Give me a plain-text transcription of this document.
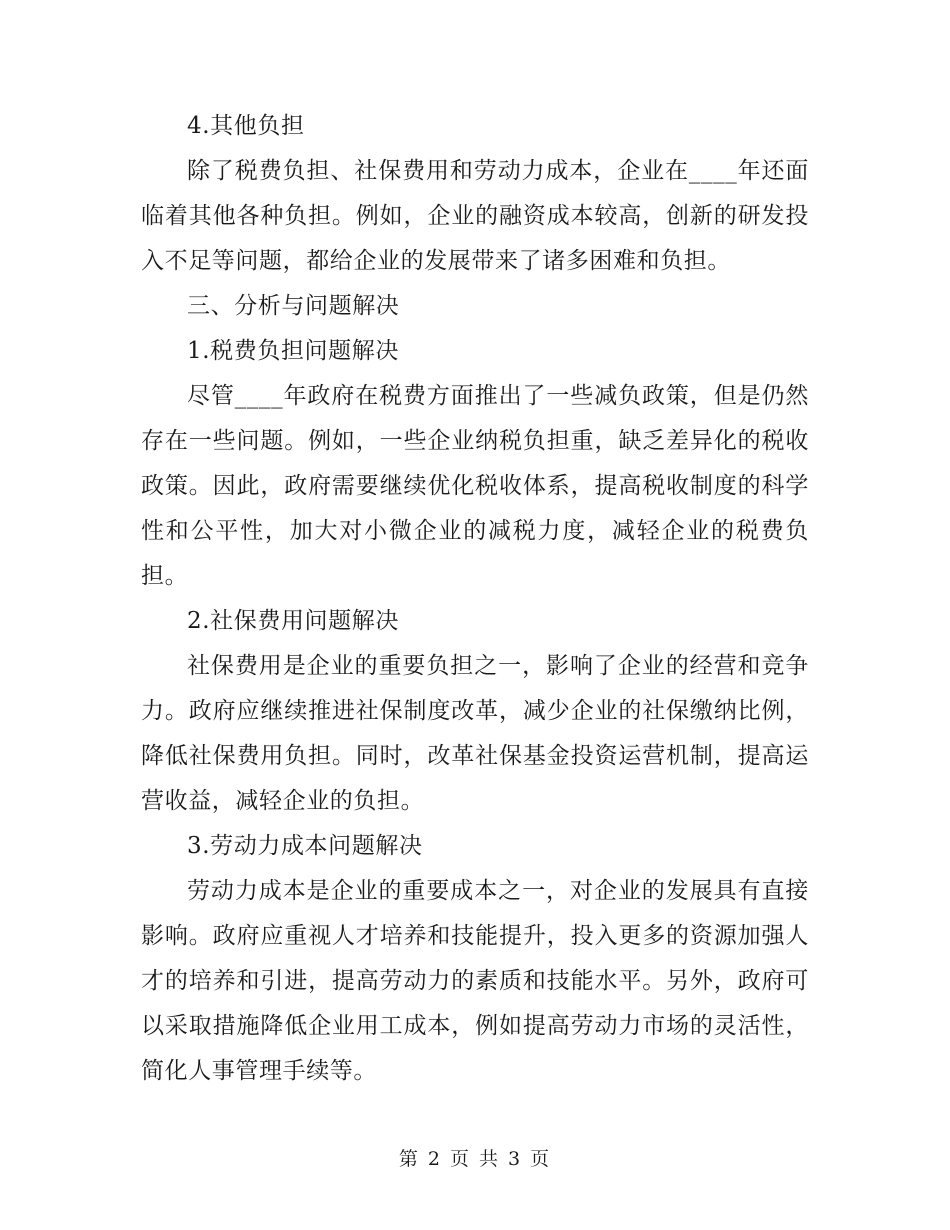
4.其他负担

除了税费负担、社保费用和劳动力成本，企业在____年还面临着其他各种负担。例如，企业的融资成本较高，创新的研发投入不足等问题，都给企业的发展带来了诸多困难和负担。

三、分析与问题解决

1.税费负担问题解决

尽管____年政府在税费方面推出了一些减负政策，但是仍然存在一些问题。例如，一些企业纳税负担重，缺乏差异化的税收政策。因此，政府需要继续优化税收体系，提高税收制度的科学性和公平性，加大对小微企业的减税力度，减轻企业的税费负担。

2.社保费用问题解决

社保费用是企业的重要负担之一，影响了企业的经营和竞争力。政府应继续推进社保制度改革，减少企业的社保缴纳比例，降低社保费用负担。同时，改革社保基金投资运营机制，提高运营收益，减轻企业的负担。

3.劳动力成本问题解决

劳动力成本是企业的重要成本之一，对企业的发展具有直接影响。政府应重视人才培养和技能提升，投入更多的资源加强人才的培养和引进，提高劳动力的素质和技能水平。另外，政府可以采取措施降低企业用工成本，例如提高劳动力市场的灵活性，简化人事管理手续等。

第 2 页 共 3 页
